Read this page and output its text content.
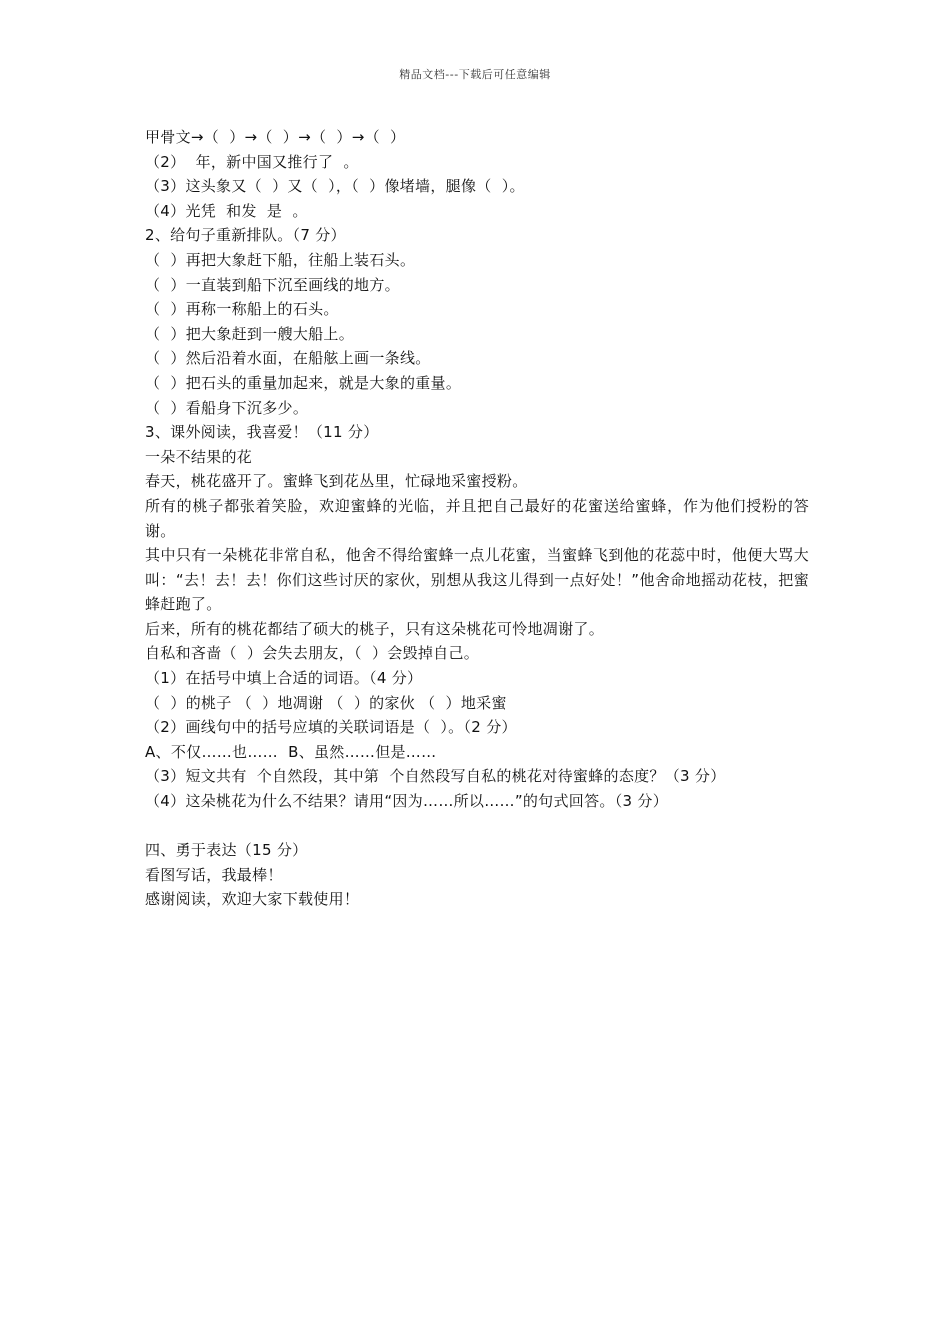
精品文档---下载后可任意编辑
甲骨文→（  ）→（  ）→（  ）→（  ）
（2）  年，新中国又推行了  。
（3）这头象又（  ）又（  ），（  ）像堵墙，腿像（  ）。
（4）光凭  和发  是  。
2、给句子重新排队。（7 分）
（  ）再把大象赶下船，往船上装石头。
（  ）一直装到船下沉至画线的地方。
（  ）再称一称船上的石头。
（  ）把大象赶到一艘大船上。
（  ）然后沿着水面，在船舷上画一条线。
（  ）把石头的重量加起来，就是大象的重量。
（  ）看船身下沉多少。
3、课外阅读，我喜爱！（11 分）
一朵不结果的花
春天，桃花盛开了。蜜蜂飞到花丛里，忙碌地采蜜授粉。
所有的桃子都张着笑脸，欢迎蜜蜂的光临，并且把自己最好的花蜜送给蜜蜂，作为他们授粉的答谢。
其中只有一朵桃花非常自私，他舍不得给蜜蜂一点儿花蜜，当蜜蜂飞到他的花蕊中时，他便大骂大叫：“去！去！去！你们这些讨厌的家伙，别想从我这儿得到一点好处！”他舍命地摇动花枝，把蜜蜂赶跑了。
后来，所有的桃花都结了硕大的桃子，只有这朵桃花可怜地凋谢了。
自私和吝啬（  ）会失去朋友，（  ）会毁掉自己。
（1）在括号中填上合适的词语。（4 分）
（  ）的桃子 （  ）地凋谢 （  ）的家伙 （  ）地采蜜
（2）画线句中的括号应填的关联词语是（  ）。（2 分）
A、不仅……也……  B、虽然……但是……
（3）短文共有  个自然段，其中第  个自然段写自私的桃花对待蜜蜂的态度？（3 分）
（4）这朵桃花为什么不结果？请用“因为……所以……”的句式回答。（3 分）
四、勇于表达（15 分）
看图写话，我最棒！
感谢阅读，欢迎大家下载使用！
